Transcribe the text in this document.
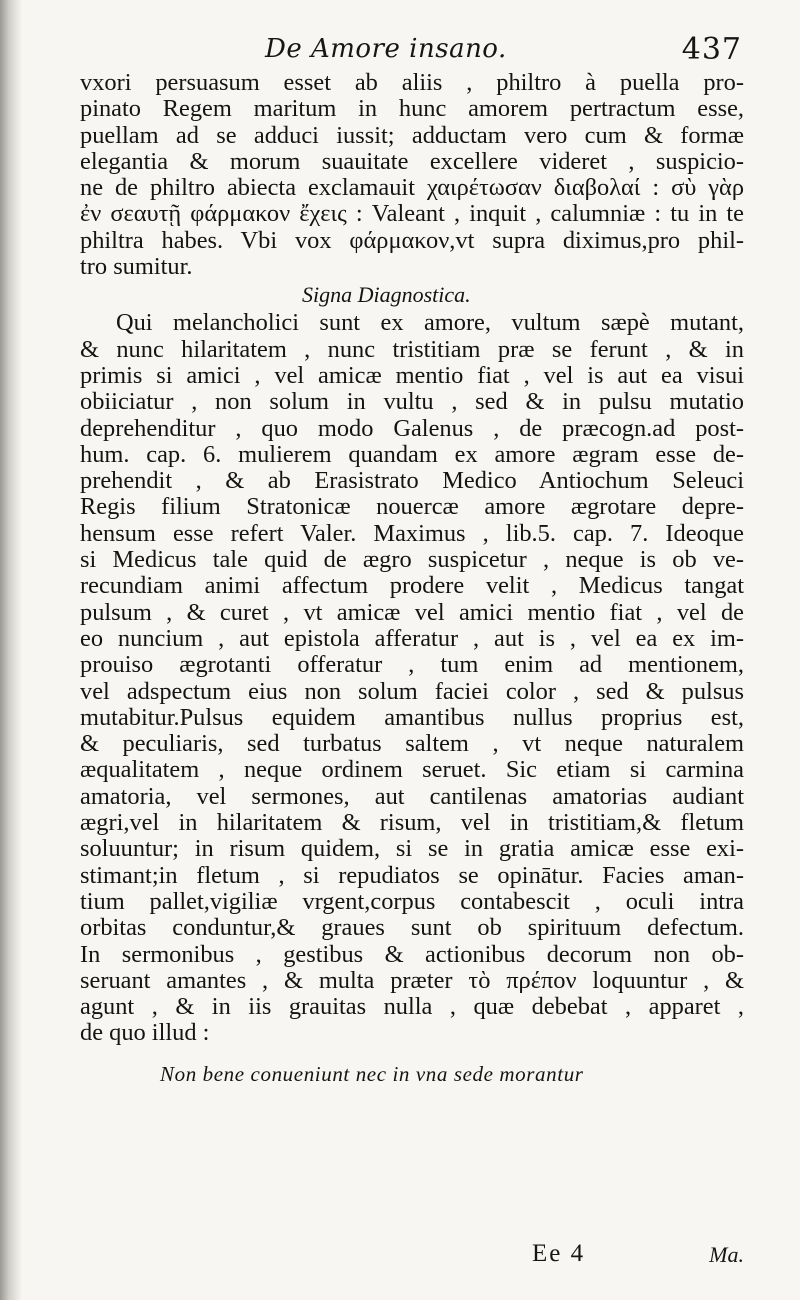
De Amore insano.	437
vxori persuasum esset ab aliis , philtro à puella pro-
pinato Regem maritum in hunc amorem pertractum esse,
puellam ad se adduci iussit; adductam vero cum & formæ
elegantia & morum suauitate excellere videret , suspicio-
ne de philtro abiecta exclamauit χαιρέτωσαν διαβολαί : σὺ γὰρ
ἐν σεαυτῇ φάρμακον ἔχεις : Valeant , inquit , calumniæ : tu in te
philtra habes. Vbi vox φάρμακον,vt supra diximus,pro phil-
tro sumitur.
Signa Diagnostica.
Qui melancholici sunt ex amore, vultum sæpè mutant,
& nunc hilaritatem , nunc tristitiam præ se ferunt , & in
primis si amici , vel amicæ mentio fiat , vel is aut ea visui
obiiciatur , non solum in vultu , sed & in pulsu mutatio
deprehenditur , quo modo Galenus , de præcogn.ad post-
hum. cap. 6. mulierem quandam ex amore ægram esse de-
prehendit , & ab Erasistrato Medico Antiochum Seleuci
Regis filium Stratonicæ nouercæ amore ægrotare depre-
hensum esse refert Valer. Maximus , lib.5. cap. 7. Ideoque
si Medicus tale quid de ægro suspicetur , neque is ob ve-
recundiam animi affectum prodere velit , Medicus tangat
pulsum , & curet , vt amicæ vel amici mentio fiat , vel de
eo nuncium , aut epistola afferatur , aut is , vel ea ex im-
prouiso ægrotanti offeratur , tum enim ad mentionem,
vel adspectum eius non solum faciei color , sed & pulsus
mutabitur.Pulsus equidem amantibus nullus proprius est,
& peculiaris, sed turbatus saltem , vt neque naturalem
æqualitatem , neque ordinem seruet. Sic etiam si carmina
amatoria, vel sermones, aut cantilenas amatorias audiant
ægri,vel in hilaritatem & risum, vel in tristitiam,& fletum
soluuntur; in risum quidem, si se in gratia amicæ esse exi-
stimant;in fletum , si repudiatos se opinātur. Facies aman-
tium pallet,vigiliæ vrgent,corpus contabescit , oculi intra
orbitas conduntur,& graues sunt ob spirituum defectum.
In sermonibus , gestibus & actionibus decorum non ob-
seruant amantes , & multa præter τὸ πρέπον loquuntur , &
agunt , & in iis grauitas nulla , quæ debebat , apparet ,
de quo illud :
Non bene conueniunt nec in vna sede morantur
Ee 4	Ma.
